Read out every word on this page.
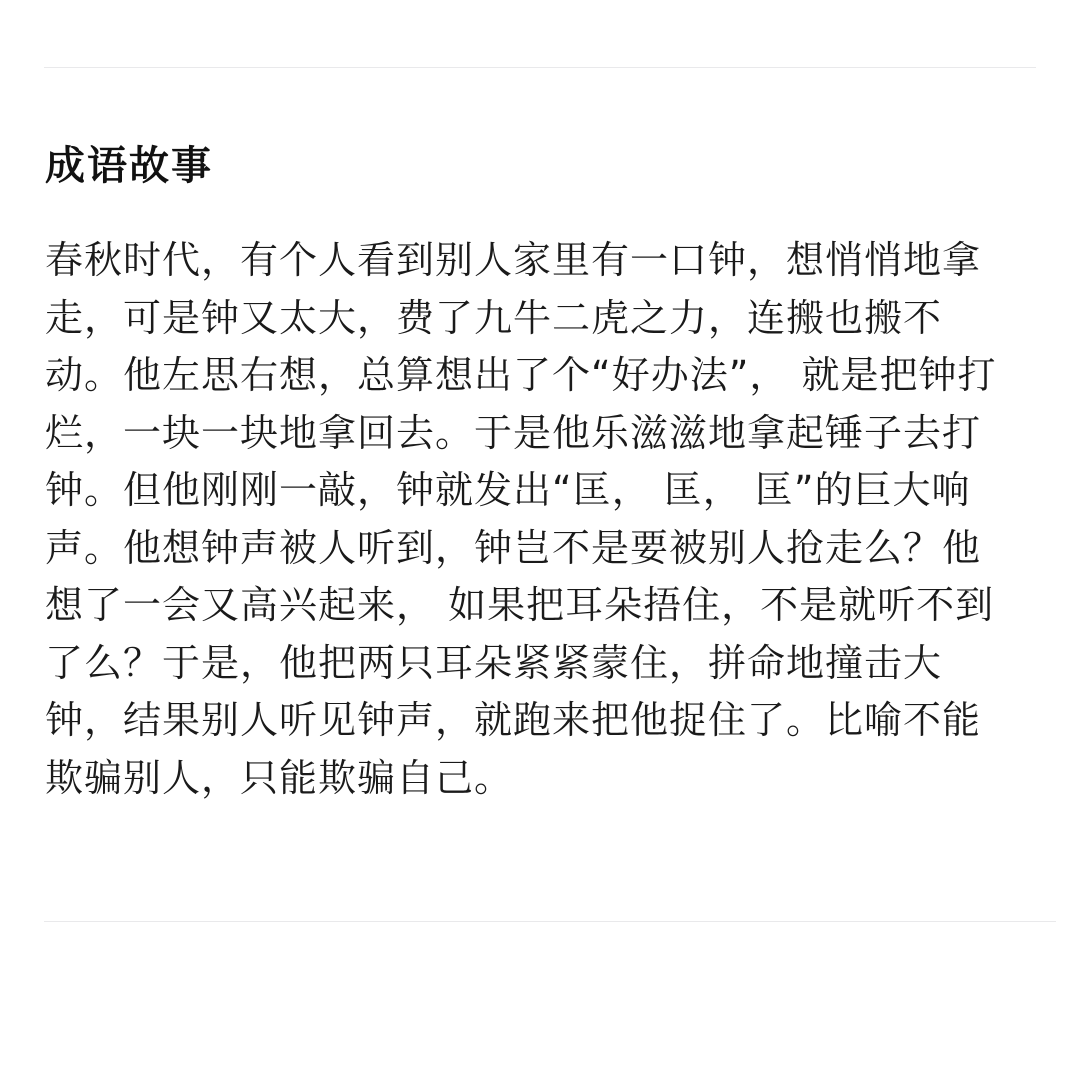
成语故事
春秋时代，有个人看到别人家里有一口钟，想悄悄地拿
走，可是钟又太大，费了九牛二虎之力，连搬也搬不
动。他左思右想，总算想出了个“好办法”， 就是把钟打
烂，一块一块地拿回去。于是他乐滋滋地拿起锤子去打
钟。但他刚刚一敲，钟就发出“匡， 匡， 匡”的巨大响
声。他想钟声被人听到，钟岂不是要被别人抢走么？他
想了一会又高兴起来， 如果把耳朵捂住，不是就听不到
了么？于是，他把两只耳朵紧紧蒙住，拼命地撞击大
钟，结果别人听见钟声，就跑来把他捉住了。比喻不能
欺骗别人，只能欺骗自己。
